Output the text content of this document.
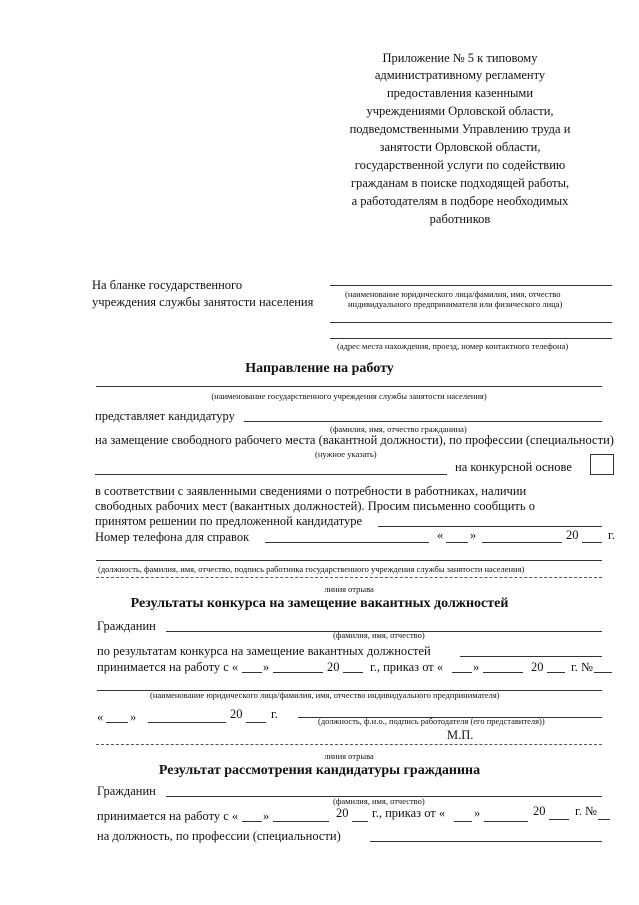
Приложение № 5 к типовому
административному регламенту
предоставления казенными
учреждениями Орловской области,
подведомственными Управлению труда и
занятости Орловской области,
государственной услуги по содействию
гражданам в поиске подходящей работы,
а работодателям в подборе необходимых
работников
На бланке государственного
учреждения службы занятости населения
(наименование юридического лица/фамилия, имя, отчество
индивидуального предпринимателя или физического лица)
(адрес места нахождения, проезд, номер контактного телефона)
Направление на работу
(наименование государственного учреждения службы занятости населения)
представляет кандидатуру
(фамилия, имя, отчество гражданина)
на замещение свободного рабочего места (вакантной должности), по профессии (специальности)
(нужное указать)
на конкурсной основе
в соответствии с заявленными сведениями о потребности в работниках, наличии
свободных рабочих мест (вакантных должностей). Просим письменно сообщить о
принятом решении по предложенной кандидатуре
Номер телефона для справок	« »	20 г.
(должность, фамилия, имя, отчество, подпись работника государственного учреждения службы занятости населения)
линия отрыва
Результаты конкурса на замещение вакантных должностей
Гражданин
(фамилия, имя, отчество)
по результатам конкурса на замещение вакантных должностей
принимается на работу с « »	20 г., приказ от « »	20 г. №
(наименование юридического лица/фамилия, имя, отчество индивидуального предпринимателя)
« »	20 г.	(должность, ф.и.о., подпись работодателя (его представителя))
М.П.
линия отрыва
Результат рассмотрения кандидатуры гражданина
Гражданин
(фамилия, имя, отчество)
принимается на работу с « »	20 г., приказ от « »	20 г. №
на должность, по профессии (специальности)
